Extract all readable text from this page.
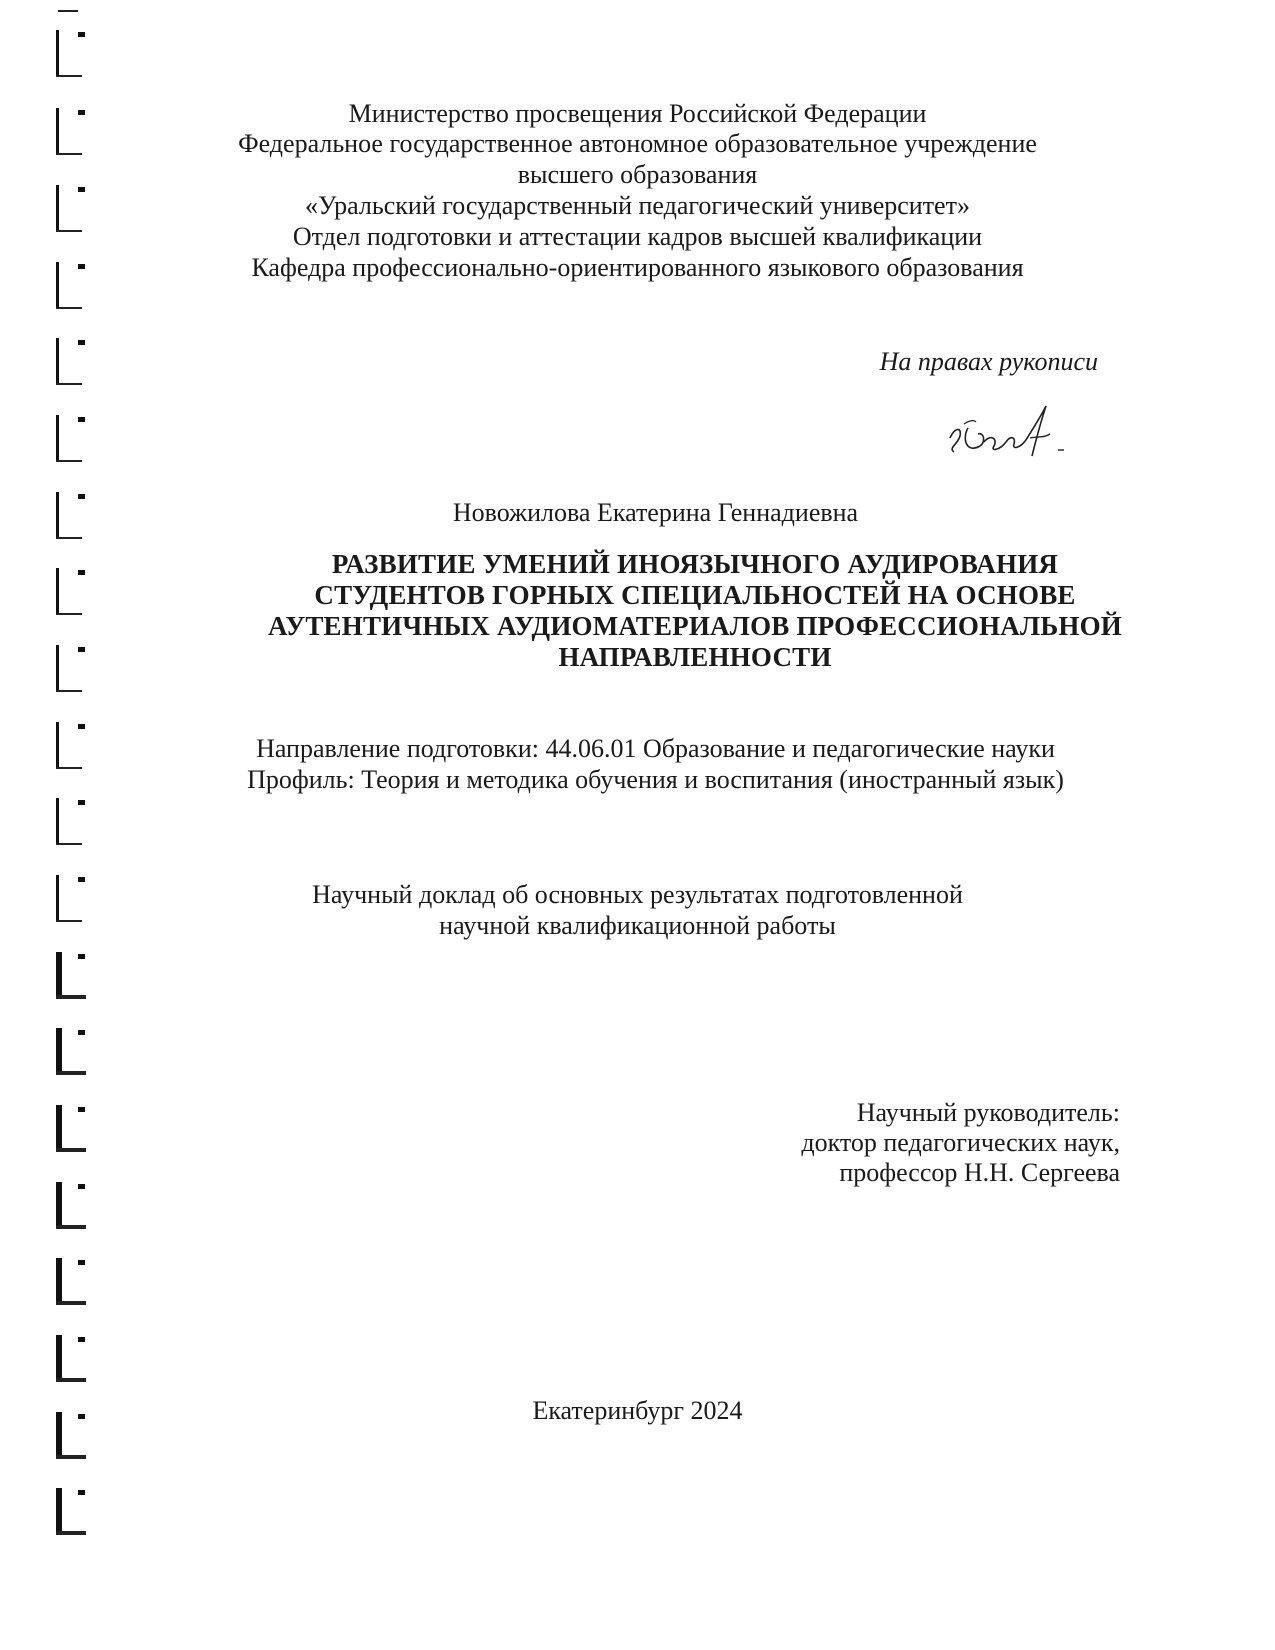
Министерство просвещения Российской Федерации
Федеральное государственное автономное образовательное учреждение
высшего образования
«Уральский государственный педагогический университет»
Отдел подготовки и аттестации кадров высшей квалификации
Кафедра профессионально-ориентированного языкового образования
На правах рукописи
Новожилова Екатерина Геннадиевна
РАЗВИТИЕ УМЕНИЙ ИНОЯЗЫЧНОГО АУДИРОВАНИЯ
СТУДЕНТОВ ГОРНЫХ СПЕЦИАЛЬНОСТЕЙ НА ОСНОВЕ
АУТЕНТИЧНЫХ АУДИОМАТЕРИАЛОВ ПРОФЕССИОНАЛЬНОЙ
НАПРАВЛЕННОСТИ
Направление подготовки: 44.06.01 Образование и педагогические науки
Профиль: Теория и методика обучения и воспитания (иностранный язык)
Научный доклад об основных результатах подготовленной
научной квалификационной работы
Научный руководитель:
доктор педагогических наук,
профессор Н.Н. Сергеева
Екатеринбург 2024
